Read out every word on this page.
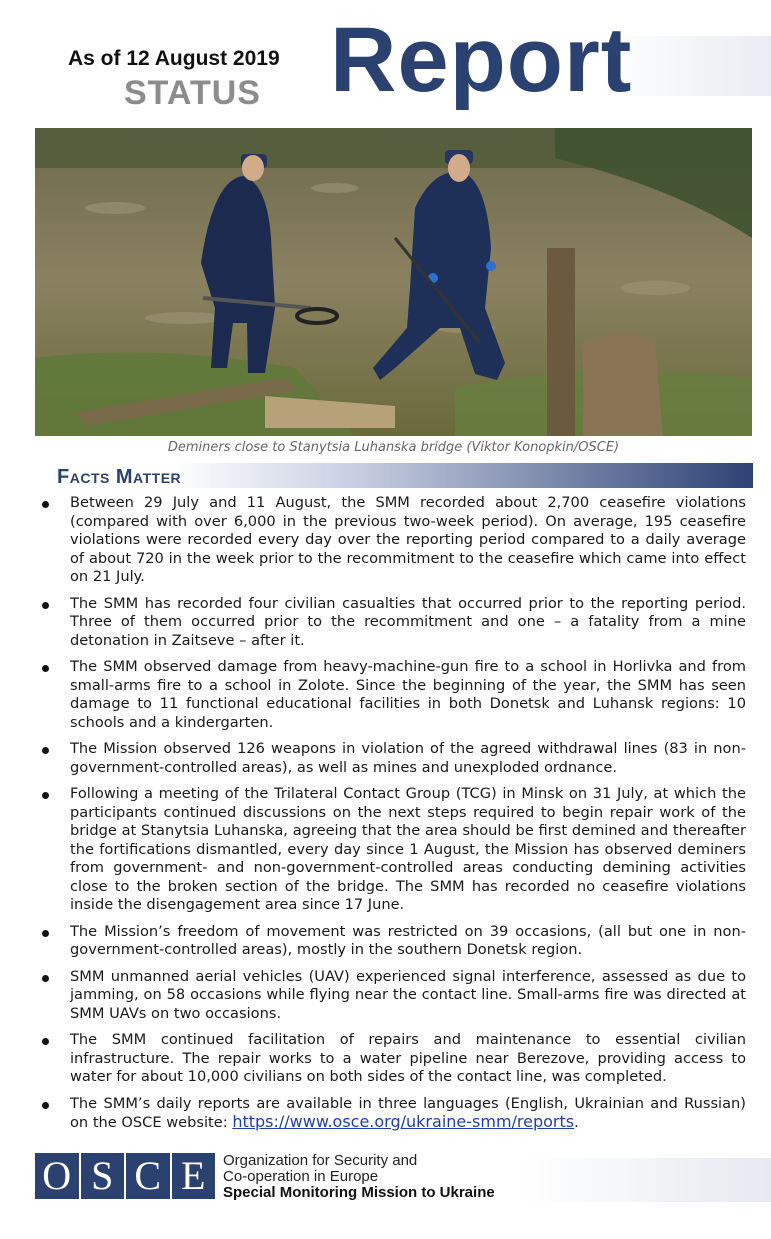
As of 12 August 2019
STATUS Report
Deminers close to Stanytsia Luhanska bridge (Viktor Konopkin/OSCE)
Facts Matter
Between 29 July and 11 August, the SMM recorded about 2,700 ceasefire violations (compared with over 6,000 in the previous two-week period). On average, 195 ceasefire violations were recorded every day over the reporting period compared to a daily average of about 720 in the week prior to the recommitment to the ceasefire which came into effect on 21 July.
The SMM has recorded four civilian casualties that occurred prior to the reporting period. Three of them occurred prior to the recommitment and one – a fatality from a mine detonation in Zaitseve – after it.
The SMM observed damage from heavy-machine-gun fire to a school in Horlivka and from small-arms fire to a school in Zolote. Since the beginning of the year, the SMM has seen damage to 11 functional educational facilities in both Donetsk and Luhansk regions: 10 schools and a kindergarten.
The Mission observed 126 weapons in violation of the agreed withdrawal lines (83 in non-government-controlled areas), as well as mines and unexploded ordnance.
Following a meeting of the Trilateral Contact Group (TCG) in Minsk on 31 July, at which the participants continued discussions on the next steps required to begin repair work of the bridge at Stanytsia Luhanska, agreeing that the area should be first demined and thereafter the fortifications dismantled, every day since 1 August, the Mission has observed deminers from government- and non-government-controlled areas conducting demining activities close to the broken section of the bridge. The SMM has recorded no ceasefire violations inside the disengagement area since 17 June.
The Mission’s freedom of movement was restricted on 39 occasions, (all but one in non-government-controlled areas), mostly in the southern Donetsk region.
SMM unmanned aerial vehicles (UAV) experienced signal interference, assessed as due to jamming, on 58 occasions while flying near the contact line. Small-arms fire was directed at SMM UAVs on two occasions.
The SMM continued facilitation of repairs and maintenance to essential civilian infrastructure. The repair works to a water pipeline near Berezove, providing access to water for about 10,000 civilians on both sides of the contact line, was completed.
The SMM’s daily reports are available in three languages (English, Ukrainian and Russian) on the OSCE website: https://www.osce.org/ukraine-smm/reports.
O S C E	Organization for Security and
Co-operation in Europe
Special Monitoring Mission to Ukraine
